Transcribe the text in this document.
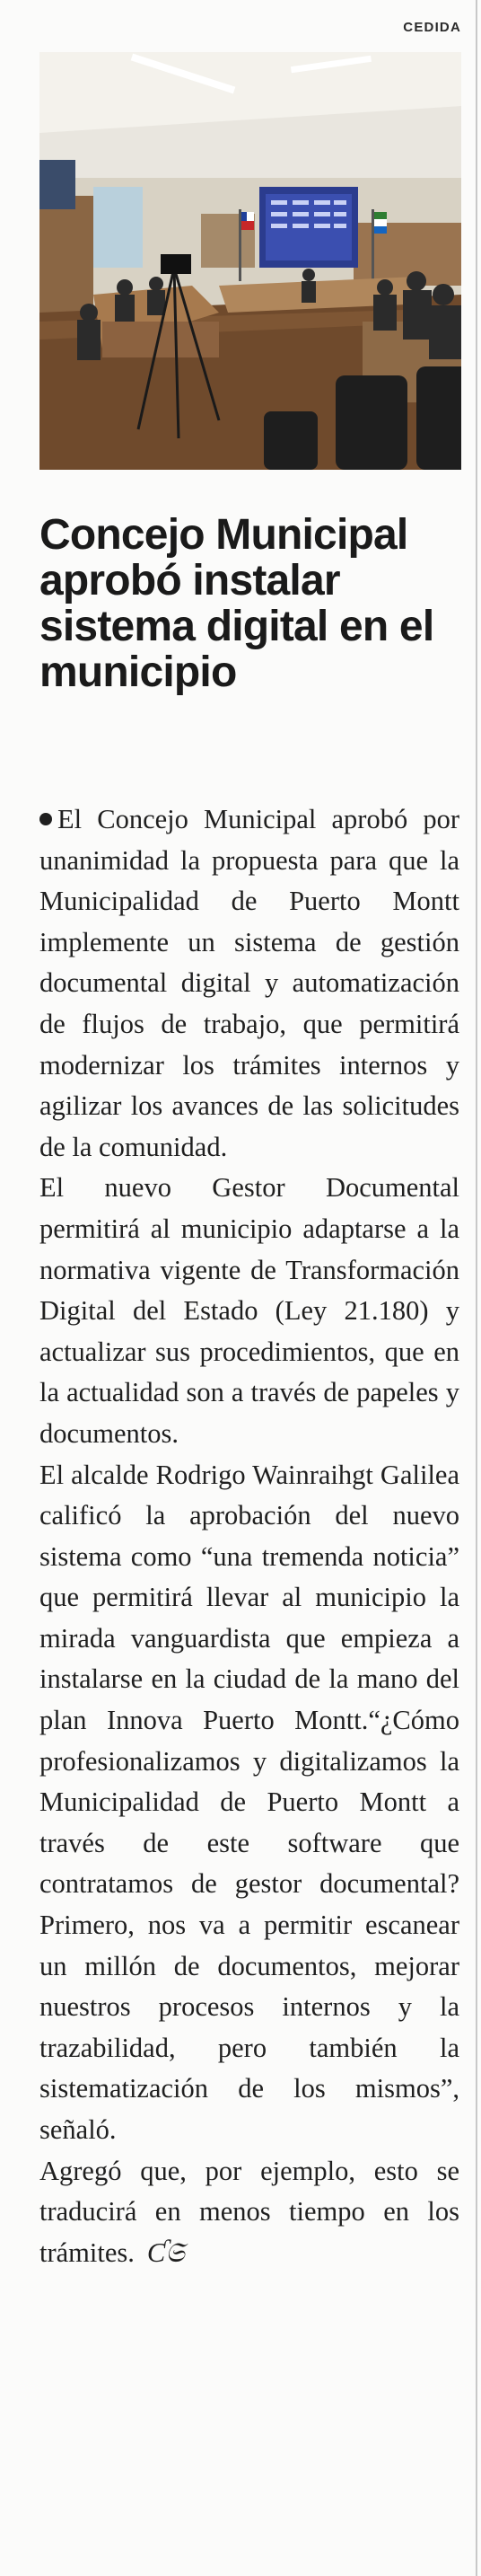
CEDIDA
Concejo Municipal aprobó instalar sistema digital en el municipio

El Concejo Municipal aprobó por unanimidad la propuesta para que la Municipalidad de Puerto Montt implemente un sistema de gestión documental digital y automatización de flujos de trabajo, que permitirá modernizar los trámites internos y agilizar los avances de las solicitudes de la comunidad.

El nuevo Gestor Documental permitirá al municipio adaptarse a la normativa vigente de Transformación Digital del Estado (Ley 21.180) y actualizar sus procedimientos, que en la actualidad son a través de papeles y documentos.

El alcalde Rodrigo Wainraihgt Galilea calificó la aprobación del nuevo sistema como “una tremenda noticia” que permitirá llevar al municipio la mirada vanguardista que empieza a instalarse en la ciudad de la mano del plan Innova Puerto Montt.“¿Cómo profesionalizamos y digitalizamos la Municipalidad de Puerto Montt a través de este software que contratamos de gestor documental? Primero, nos va a permitir escanear un millón de documentos, mejorar nuestros procesos internos y la trazabilidad, pero también la sistematización de los mismos”, señaló.

Agregó que, por ejemplo, esto se traducirá en menos tiempo en los trámites. Ƈ𝔖
